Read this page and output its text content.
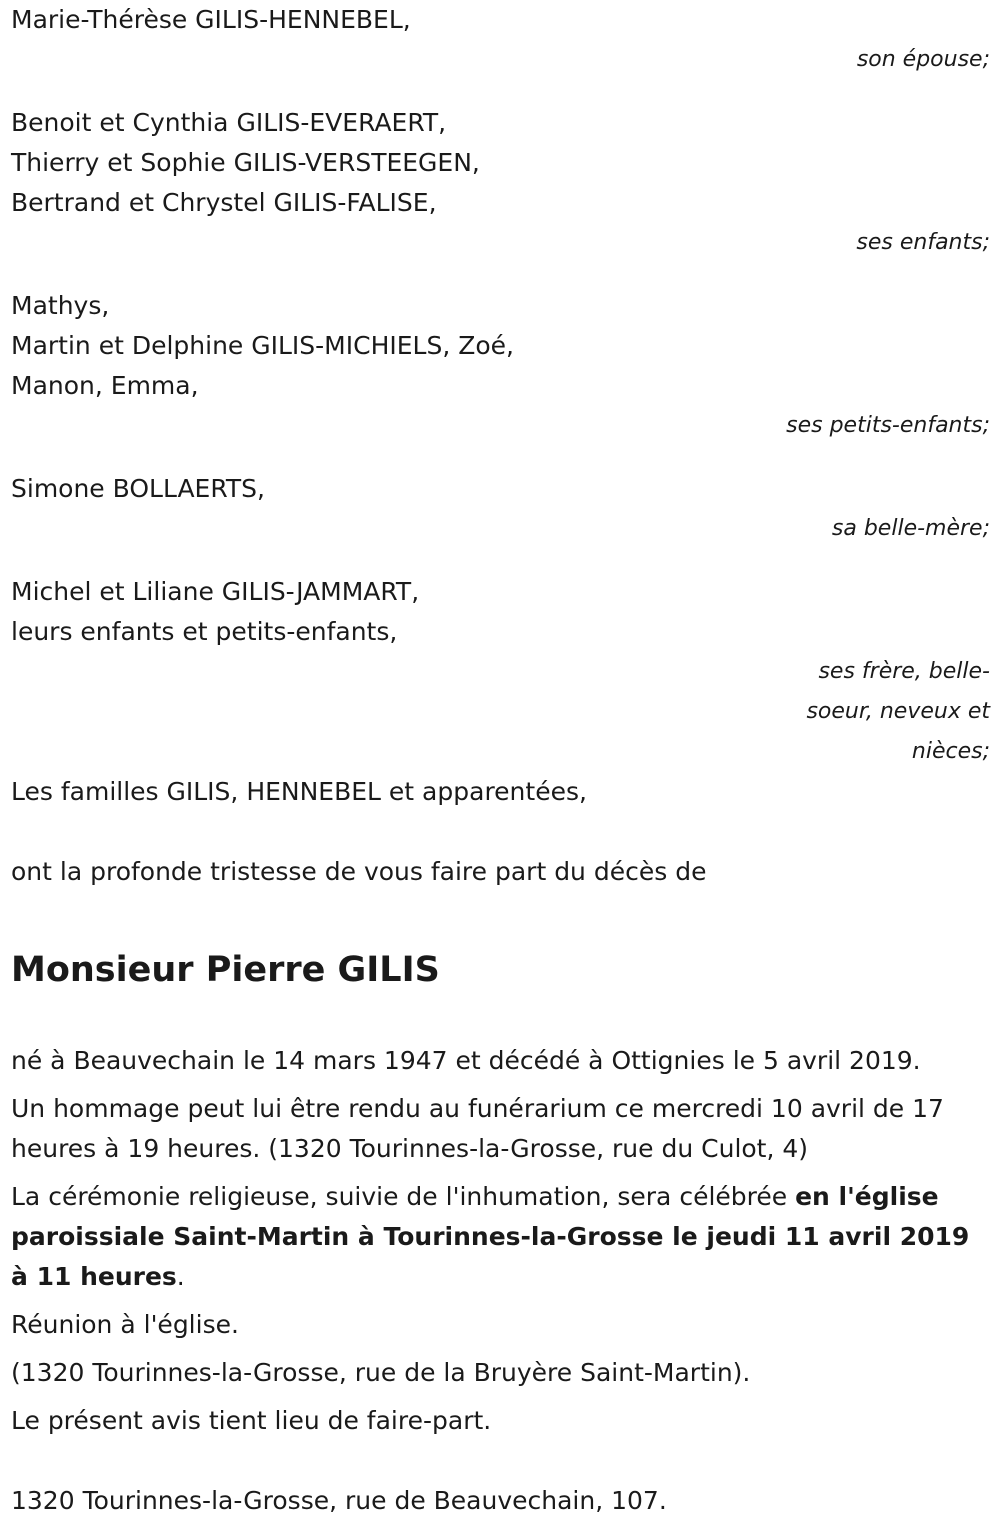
Marie-Thérèse GILIS-HENNEBEL,
son épouse;
Benoit et Cynthia GILIS-EVERAERT,
Thierry et Sophie GILIS-VERSTEEGEN,
Bertrand et Chrystel GILIS-FALISE,
ses enfants;
Mathys,
Martin et Delphine GILIS-MICHIELS, Zoé,
Manon, Emma,
ses petits-enfants;
Simone BOLLAERTS,
sa belle-mère;
Michel et Liliane GILIS-JAMMART,
leurs enfants et petits-enfants,
ses frère, belle-soeur, neveux et nièces;
Les familles GILIS, HENNEBEL et apparentées,
ont la profonde tristesse de vous faire part du décès de
Monsieur Pierre GILIS
né à Beauvechain le 14 mars 1947 et décédé à Ottignies le 5 avril 2019.
Un hommage peut lui être rendu au funérarium ce mercredi 10 avril de 17 heures à 19 heures. (1320 Tourinnes-la-Grosse, rue du Culot, 4)
La cérémonie religieuse, suivie de l'inhumation, sera célébrée en l'église paroissiale Saint-Martin à Tourinnes-la-Grosse le jeudi 11 avril 2019 à 11 heures.
Réunion à l'église.
(1320 Tourinnes-la-Grosse, rue de la Bruyère Saint-Martin).
Le présent avis tient lieu de faire-part.
1320 Tourinnes-la-Grosse, rue de Beauvechain, 107.
